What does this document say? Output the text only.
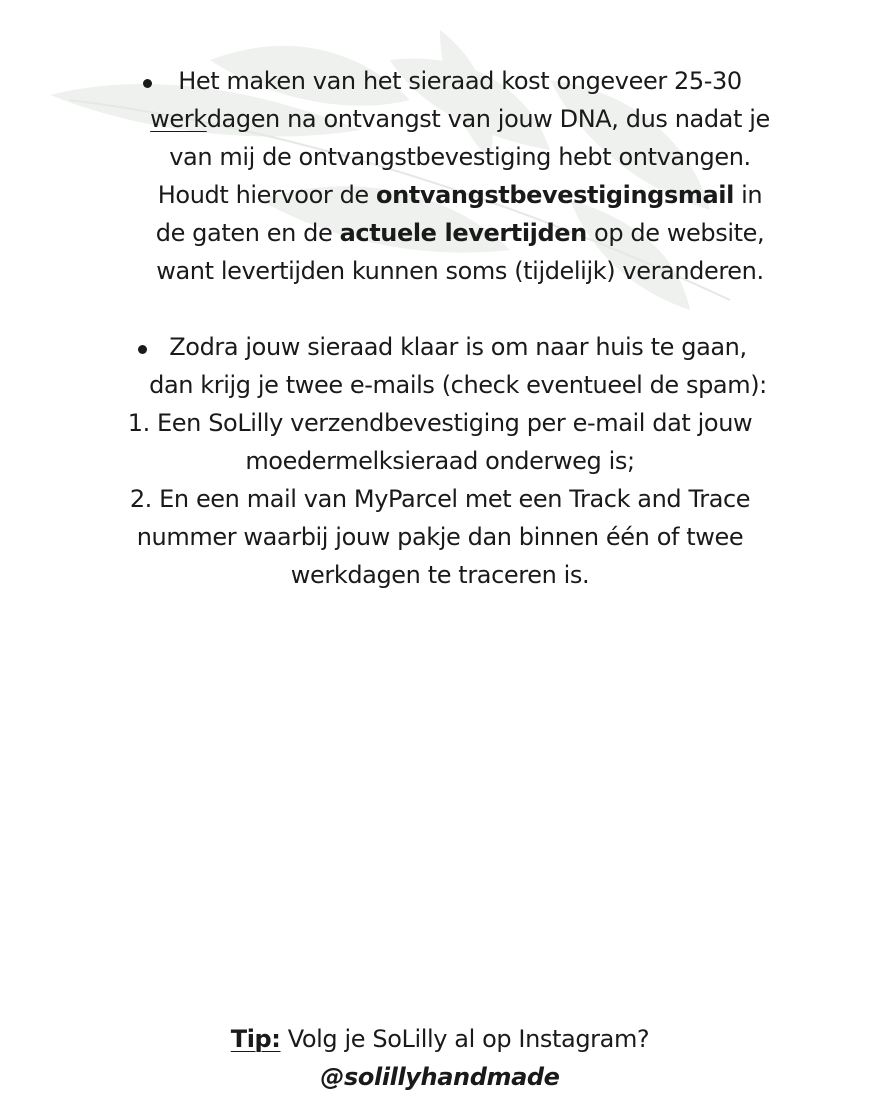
Het maken van het sieraad kost ongeveer 25-30 werkdagen na ontvangst van jouw DNA, dus nadat je van mij de ontvangstbevestiging hebt ontvangen. Houdt hiervoor de ontvangstbevestigingsmail in de gaten en de actuele levertijden op de website, want levertijden kunnen soms (tijdelijk) veranderen.
Zodra jouw sieraad klaar is om naar huis te gaan, dan krijg je twee e-mails (check eventueel de spam):
1. Een SoLilly verzendbevestiging per e-mail dat jouw moedermelksieraad onderweg is;
2. En een mail van MyParcel met een Track and Trace nummer waarbij jouw pakje dan binnen één of twee werkdagen te traceren is.
Tip: Volg je SoLilly al op Instagram?
@solillyhandmade
